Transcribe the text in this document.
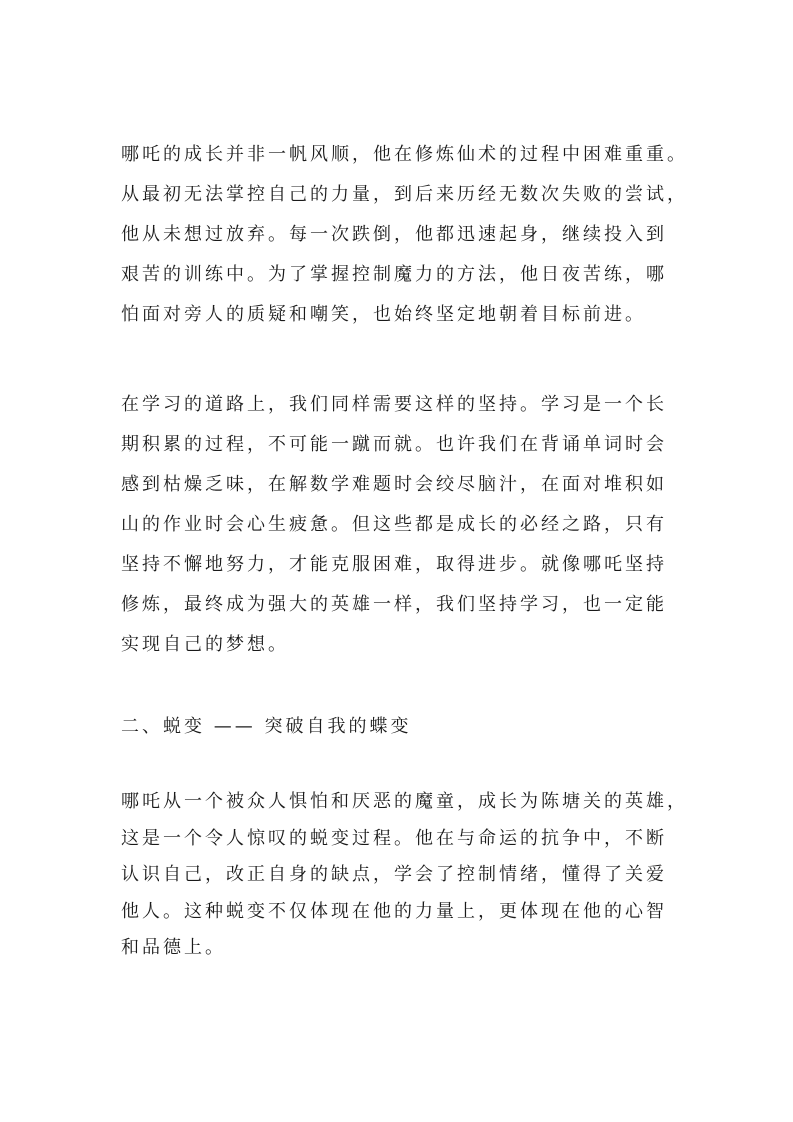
哪吒的成长并非一帆风顺，他在修炼仙术的过程中困难重重。
从最初无法掌控自己的力量，到后来历经无数次失败的尝试，
他从未想过放弃。每一次跌倒，他都迅速起身，继续投入到
艰苦的训练中。为了掌握控制魔力的方法，他日夜苦练，哪
怕面对旁人的质疑和嘲笑，也始终坚定地朝着目标前进。
在学习的道路上，我们同样需要这样的坚持。学习是一个长
期积累的过程，不可能一蹴而就。也许我们在背诵单词时会
感到枯燥乏味，在解数学难题时会绞尽脑汁，在面对堆积如
山的作业时会心生疲惫。但这些都是成长的必经之路，只有
坚持不懈地努力，才能克服困难，取得进步。就像哪吒坚持
修炼，最终成为强大的英雄一样，我们坚持学习，也一定能
实现自己的梦想。
二、蜕变 —— 突破自我的蝶变
哪吒从一个被众人惧怕和厌恶的魔童，成长为陈塘关的英雄，
这是一个令人惊叹的蜕变过程。他在与命运的抗争中，不断
认识自己，改正自身的缺点，学会了控制情绪，懂得了关爱
他人。这种蜕变不仅体现在他的力量上，更体现在他的心智
和品德上。
